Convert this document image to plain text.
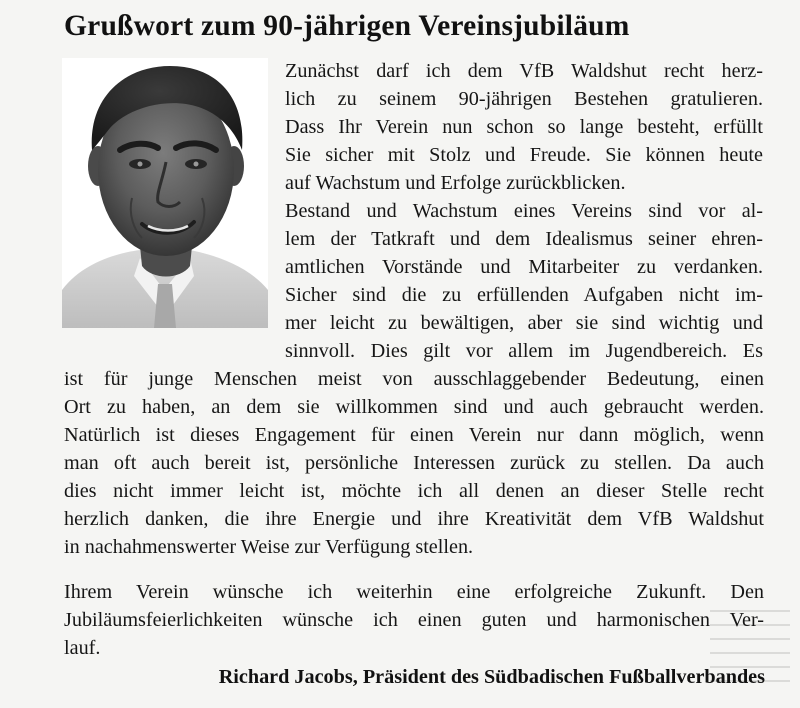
Grußwort zum 90-jährigen Vereinsjubiläum
Zunächst darf ich dem VfB Waldshut recht herz-
lich zu seinem 90-jährigen Bestehen gratulieren.
Dass Ihr Verein nun schon so lange besteht, erfüllt
Sie sicher mit Stolz und Freude. Sie können heute
auf Wachstum und Erfolge zurückblicken.
Bestand und Wachstum eines Vereins sind vor al-
lem der Tatkraft und dem Idealismus seiner ehren-
amtlichen Vorstände und Mitarbeiter zu verdanken.
Sicher sind die zu erfüllenden Aufgaben nicht im-
mer leicht zu bewältigen, aber sie sind wichtig und
sinnvoll. Dies gilt vor allem im Jugendbereich. Es
ist für junge Menschen meist von ausschlaggebender Bedeutung, einen
Ort zu haben, an dem sie willkommen sind und auch gebraucht werden.
Natürlich ist dieses Engagement für einen Verein nur dann möglich, wenn
man oft auch bereit ist, persönliche Interessen zurück zu stellen. Da auch
dies nicht immer leicht ist, möchte ich all denen an dieser Stelle recht
herzlich danken, die ihre Energie und ihre Kreativität dem VfB Waldshut
in nachahmenswerter Weise zur Verfügung stellen.
Ihrem Verein wünsche ich weiterhin eine erfolgreiche Zukunft. Den
Jubiläumsfeierlichkeiten wünsche ich einen guten und harmonischen Ver-
lauf.

Richard Jacobs, Präsident des Südbadischen Fußballverbandes
